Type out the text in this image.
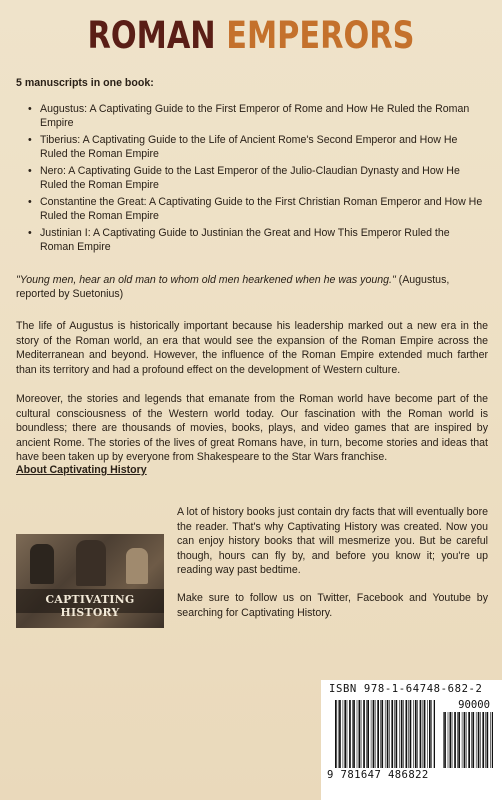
ROMAN EMPERORS
5 manuscripts in one book:
• Augustus: A Captivating Guide to the First Emperor of Rome and How He Ruled the Roman Empire
• Tiberius: A Captivating Guide to the Life of Ancient Rome's Second Emperor and How He Ruled the Roman Empire
• Nero: A Captivating Guide to the Last Emperor of the Julio-Claudian Dynasty and How He Ruled the Roman Empire
• Constantine the Great: A Captivating Guide to the First Christian Roman Emperor and How He Ruled the Roman Empire
• Justinian I: A Captivating Guide to Justinian the Great and How This Emperor Ruled the Roman Empire
"Young men, hear an old man to whom old men hearkened when he was young." (Augustus, reported by Suetonius)
The life of Augustus is historically important because his leadership marked out a new era in the story of the Roman world, an era that would see the expansion of the Roman Empire across the Mediterranean and beyond. However, the influence of the Roman Empire extended much farther than its territory and had a profound effect on the development of Western culture.
Moreover, the stories and legends that emanate from the Roman world have become part of the cultural consciousness of the Western world today. Our fascination with the Roman world is boundless; there are thousands of movies, books, plays, and video games that are inspired by ancient Rome. The stories of the lives of great Romans have, in turn, become stories and ideas that have been taken up by everyone from Shakespeare to the Star Wars franchise.
About Captivating History
CAPTIVATING HISTORY
A lot of history books just contain dry facts that will eventually bore the reader. That's why Captivating History was created. Now you can enjoy history books that will mesmerize you. But be careful though, hours can fly by, and before you know it; you're up reading way past bedtime.
Make sure to follow us on Twitter, Facebook and Youtube by searching for Captivating History.
ISBN 978-1-64748-682-2
90000
9 781647 486822
